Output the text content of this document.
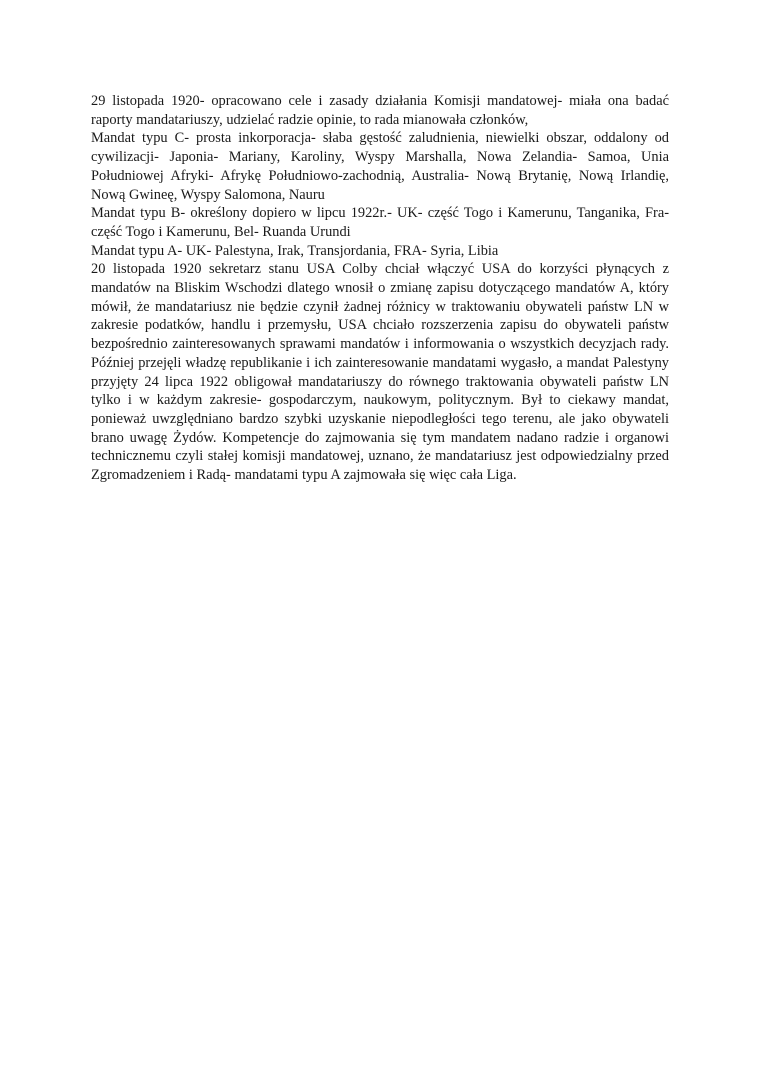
29 listopada 1920- opracowano cele i zasady działania Komisji mandatowej- miała ona badać raporty mandatariuszy, udzielać radzie opinie, to rada mianowała członków,

Mandat typu C- prosta inkorporacja- słaba gęstość zaludnienia, niewielki obszar, oddalony od cywilizacji- Japonia- Mariany, Karoliny, Wyspy Marshalla, Nowa Zelandia- Samoa, Unia Południowej Afryki- Afrykę Południowo-zachodnią, Australia- Nową Brytanię, Nową Irlandię, Nową Gwineę, Wyspy Salomona, Nauru

Mandat typu B- określony dopiero w lipcu 1922r.- UK- część Togo i Kamerunu, Tanganika, Fra- część Togo i Kamerunu, Bel- Ruanda Urundi

Mandat typu A- UK- Palestyna, Irak, Transjordania, FRA- Syria, Libia

20 listopada 1920 sekretarz stanu USA Colby chciał włączyć USA do korzyści płynących z mandatów na Bliskim Wschodzi dlatego wnosił o zmianę zapisu dotyczącego mandatów A, który mówił, że mandatariusz nie będzie czynił żadnej różnicy w traktowaniu obywateli państw LN w zakresie podatków, handlu i przemysłu, USA chciało rozszerzenia zapisu do obywateli państw bezpośrednio zainteresowanych sprawami mandatów i informowania o wszystkich decyzjach rady. Później przejęli władzę republikanie i ich zainteresowanie mandatami wygasło, a mandat Palestyny przyjęty 24 lipca 1922 obligował mandatariuszy do równego traktowania obywateli państw LN tylko i w każdym zakresie- gospodarczym, naukowym, politycznym. Był to ciekawy mandat, ponieważ uwzględniano bardzo szybki uzyskanie niepodległości tego terenu, ale jako obywateli brano uwagę Żydów. Kompetencje do zajmowania się tym mandatem nadano radzie i organowi technicznemu czyli stałej komisji mandatowej, uznano, że mandatariusz jest odpowiedzialny przed Zgromadzeniem i Radą- mandatami typu A zajmowała się więc cała Liga.
